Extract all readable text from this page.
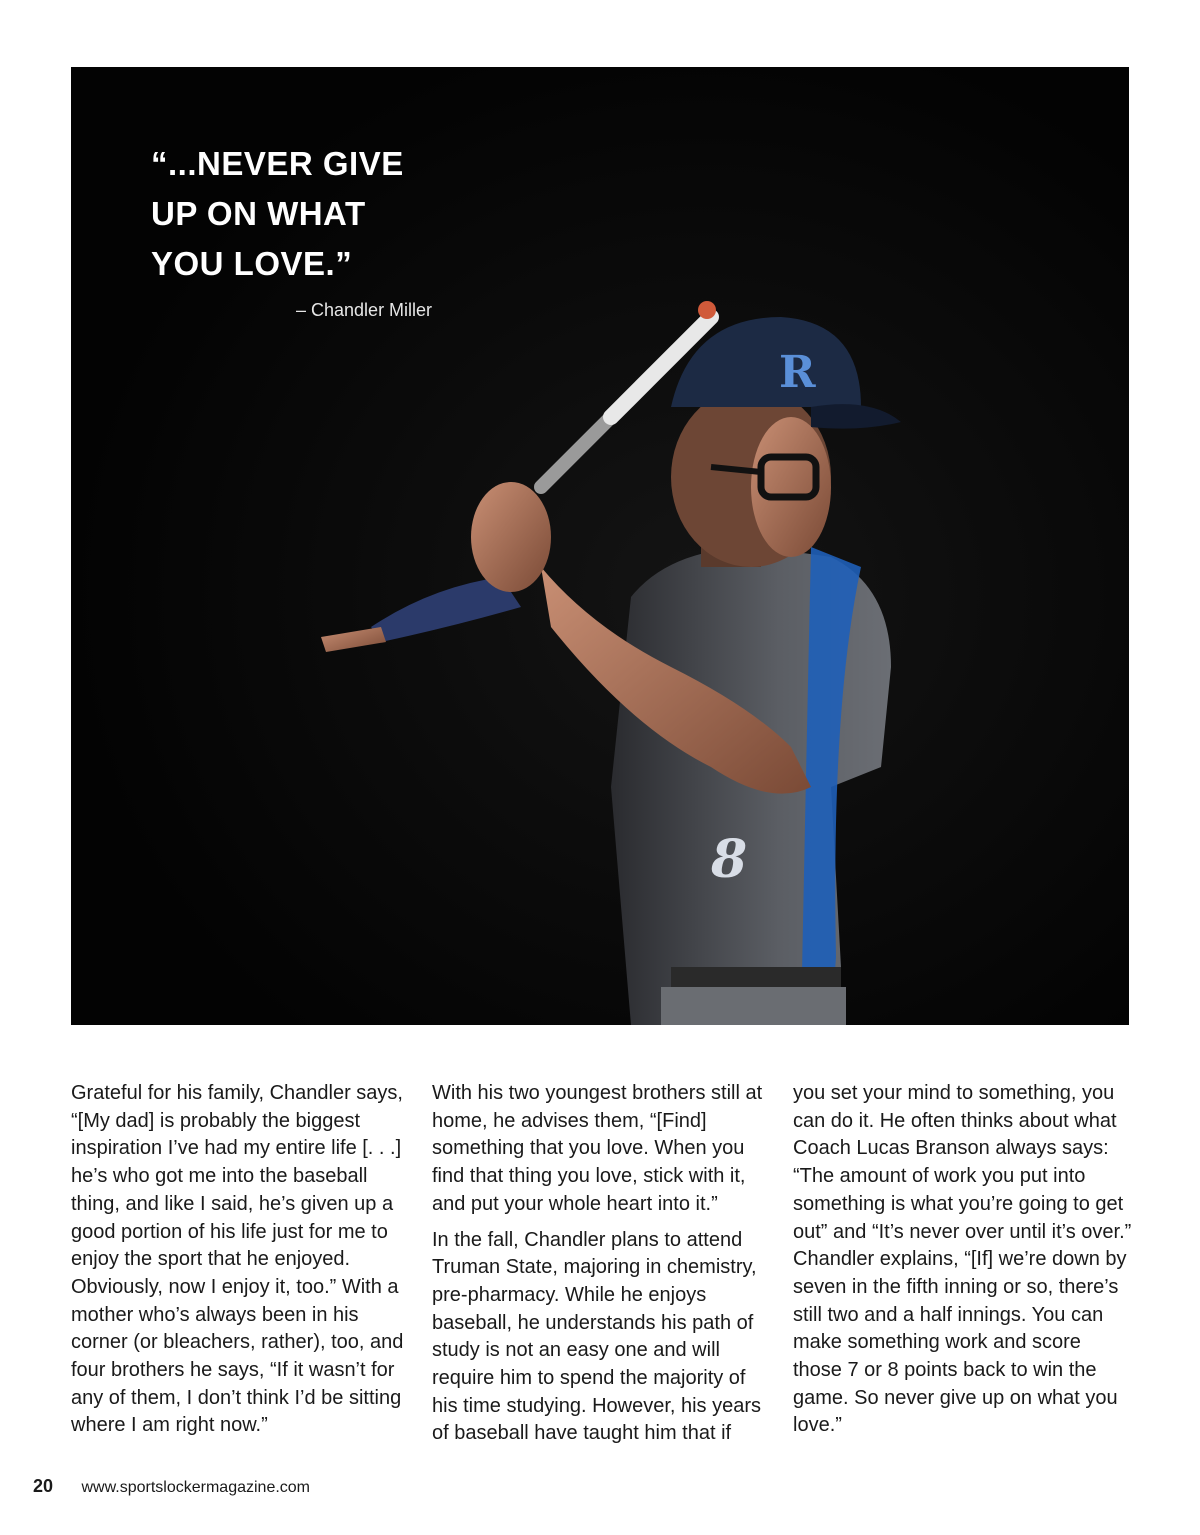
8
R
“...NEVER GIVE
UP ON WHAT
YOU LOVE.”

– Chandler Miller

Grateful for his family, Chandler says, “[My dad] is probably the biggest inspiration I’ve had my entire life [. . .] he’s who got me into the baseball thing, and like I said, he’s given up a good portion of his life just for me to enjoy the sport that he enjoyed. Obviously, now I enjoy it, too.” With a mother who’s always been in his corner (or bleachers, rather), too, and four brothers he says, “If it wasn’t for any of them, I don’t think I’d be sitting where I am right now.”

With his two youngest brothers still at home, he advises them, “[Find] something that you love. When you find that thing you love, stick with it, and put your whole heart into it.”

In the fall, Chandler plans to attend Truman State, majoring in chemistry, pre-pharmacy. While he enjoys baseball, he understands his path of study is not an easy one and will require him to spend the majority of his time studying. However, his years of baseball have taught him that if

you set your mind to something, you can do it. He often thinks about what Coach Lucas Branson always says: “The amount of work you put into something is what you’re going to get out” and “It’s never over until it’s over.” Chandler explains, “[If] we’re down by seven in the fifth inning or so, there’s still two and a half innings. You can make something work and score those 7 or 8 points back to win the game. So never give up on what you love.”

20 www.sportslockermagazine.com
